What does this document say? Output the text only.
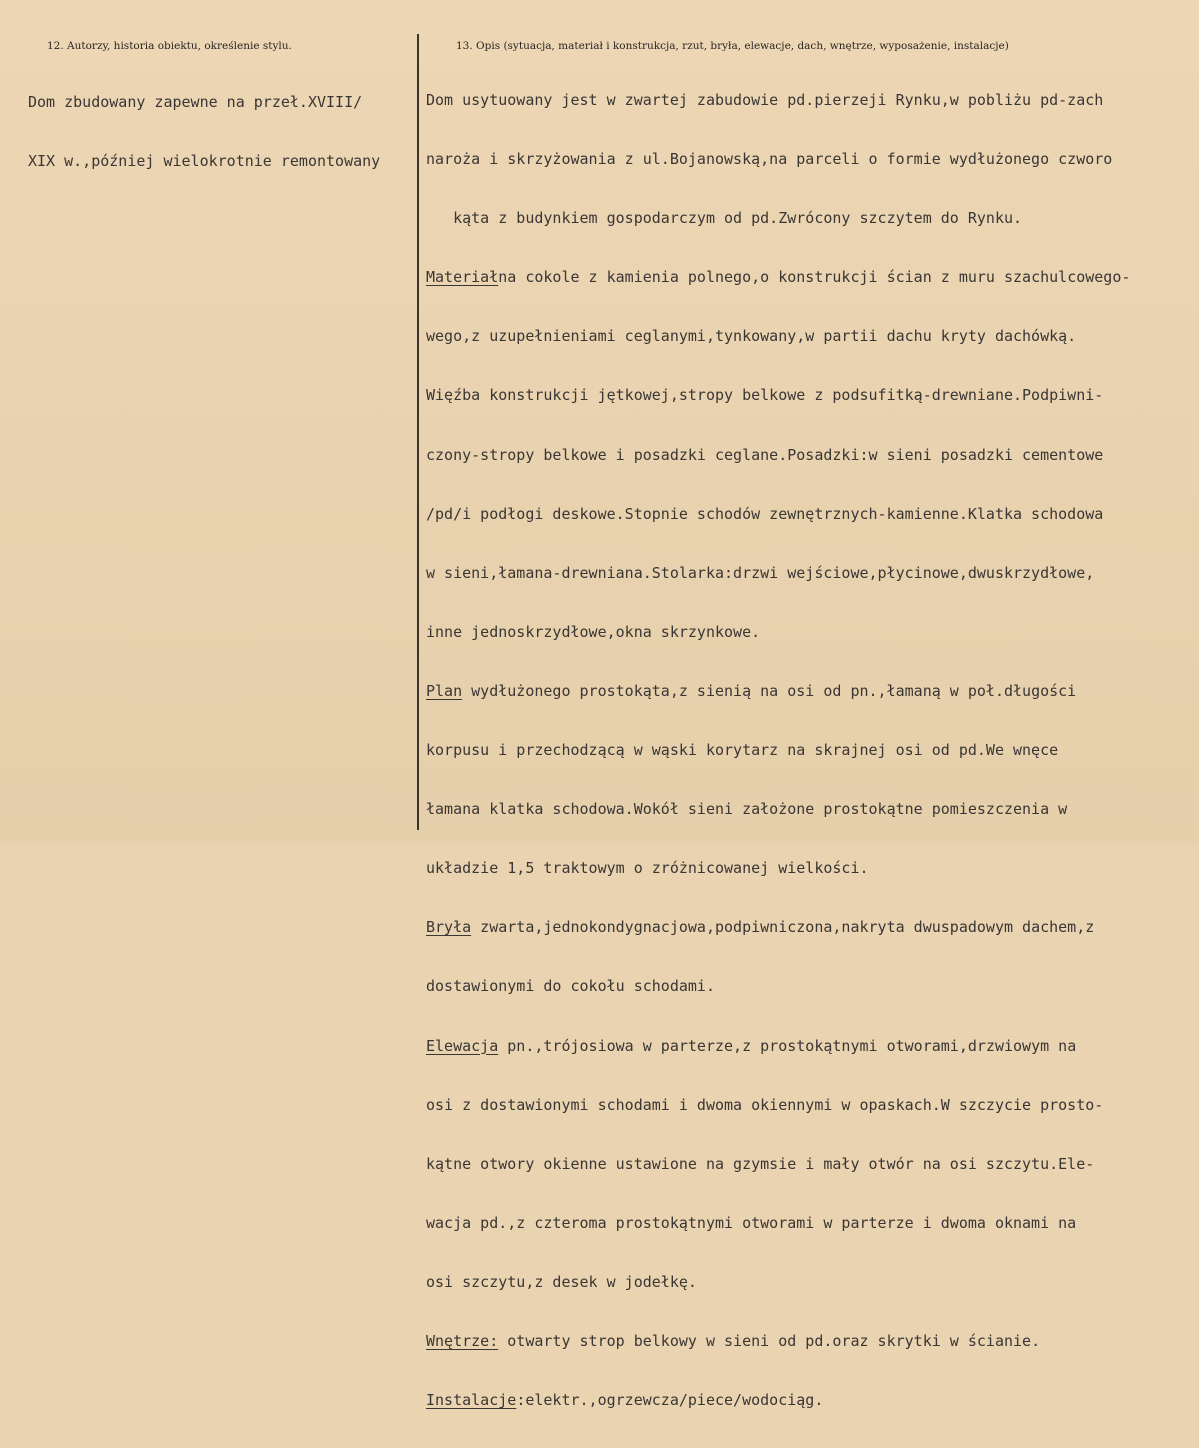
12. Autorzy, historia obiektu, określenie stylu.	13. Opis (sytuacja, materiał i konstrukcja, rzut, bryła, elewacje, dach, wnętrze, wyposażenie, instalacje)

Dom zbudowany zapewne na przeł.XVIII/

XIX w.,później wielokrotnie remontowany

Dom usytuowany jest w zwartej zabudowie pd.pierzeji Rynku,w pobliżu pd-zach

naroża i skrzyżowania z ul.Bojanowską,na parceli o formie wydłużonego czworo

kąta z budynkiem gospodarczym od pd.Zwrócony szczytem do Rynku.

Materiałna cokole z kamienia polnego,o konstrukcji ścian z muru szachulcowego-

wego,z uzupełnieniami ceglanymi,tynkowany,w partii dachu kryty dachówką.

Więźba konstrukcji jętkowej,stropy belkowe z podsufitką-drewniane.Podpiwni-

czony-stropy belkowe i posadzki ceglane.Posadzki:w sieni posadzki cementowe

/pd/i podłogi deskowe.Stopnie schodów zewnętrznych-kamienne.Klatka schodowa

w sieni,łamana-drewniana.Stolarka:drzwi wejściowe,płycinowe,dwuskrzydłowe,

inne jednoskrzydłowe,okna skrzynkowe.

Plan wydłużonego prostokąta,z sienią na osi od pn.,łamaną w poł.długości

korpusu i przechodzącą w wąski korytarz na skrajnej osi od pd.We wnęce

łamana klatka schodowa.Wokół sieni założone prostokątne pomieszczenia w

układzie 1,5 traktowym o zróżnicowanej wielkości.

Bryła zwarta,jednokondygnacjowa,podpiwniczona,nakryta dwuspadowym dachem,z

dostawionymi do cokołu schodami.

Elewacja pn.,trójosiowa w parterze,z prostokątnymi otworami,drzwiowym na

osi z dostawionymi schodami i dwoma okiennymi w opaskach.W szczycie prosto-

kątne otwory okienne ustawione na gzymsie i mały otwór na osi szczytu.Ele-

wacja pd.,z czteroma prostokątnymi otworami w parterze i dwoma oknami na

osi szczytu,z desek w jodełkę.

Wnętrze: otwarty strop belkowy w sieni od pd.oraz skrytki w ścianie.

Instalacje:elektr.,ogrzewcza/piece/wodociąg.
